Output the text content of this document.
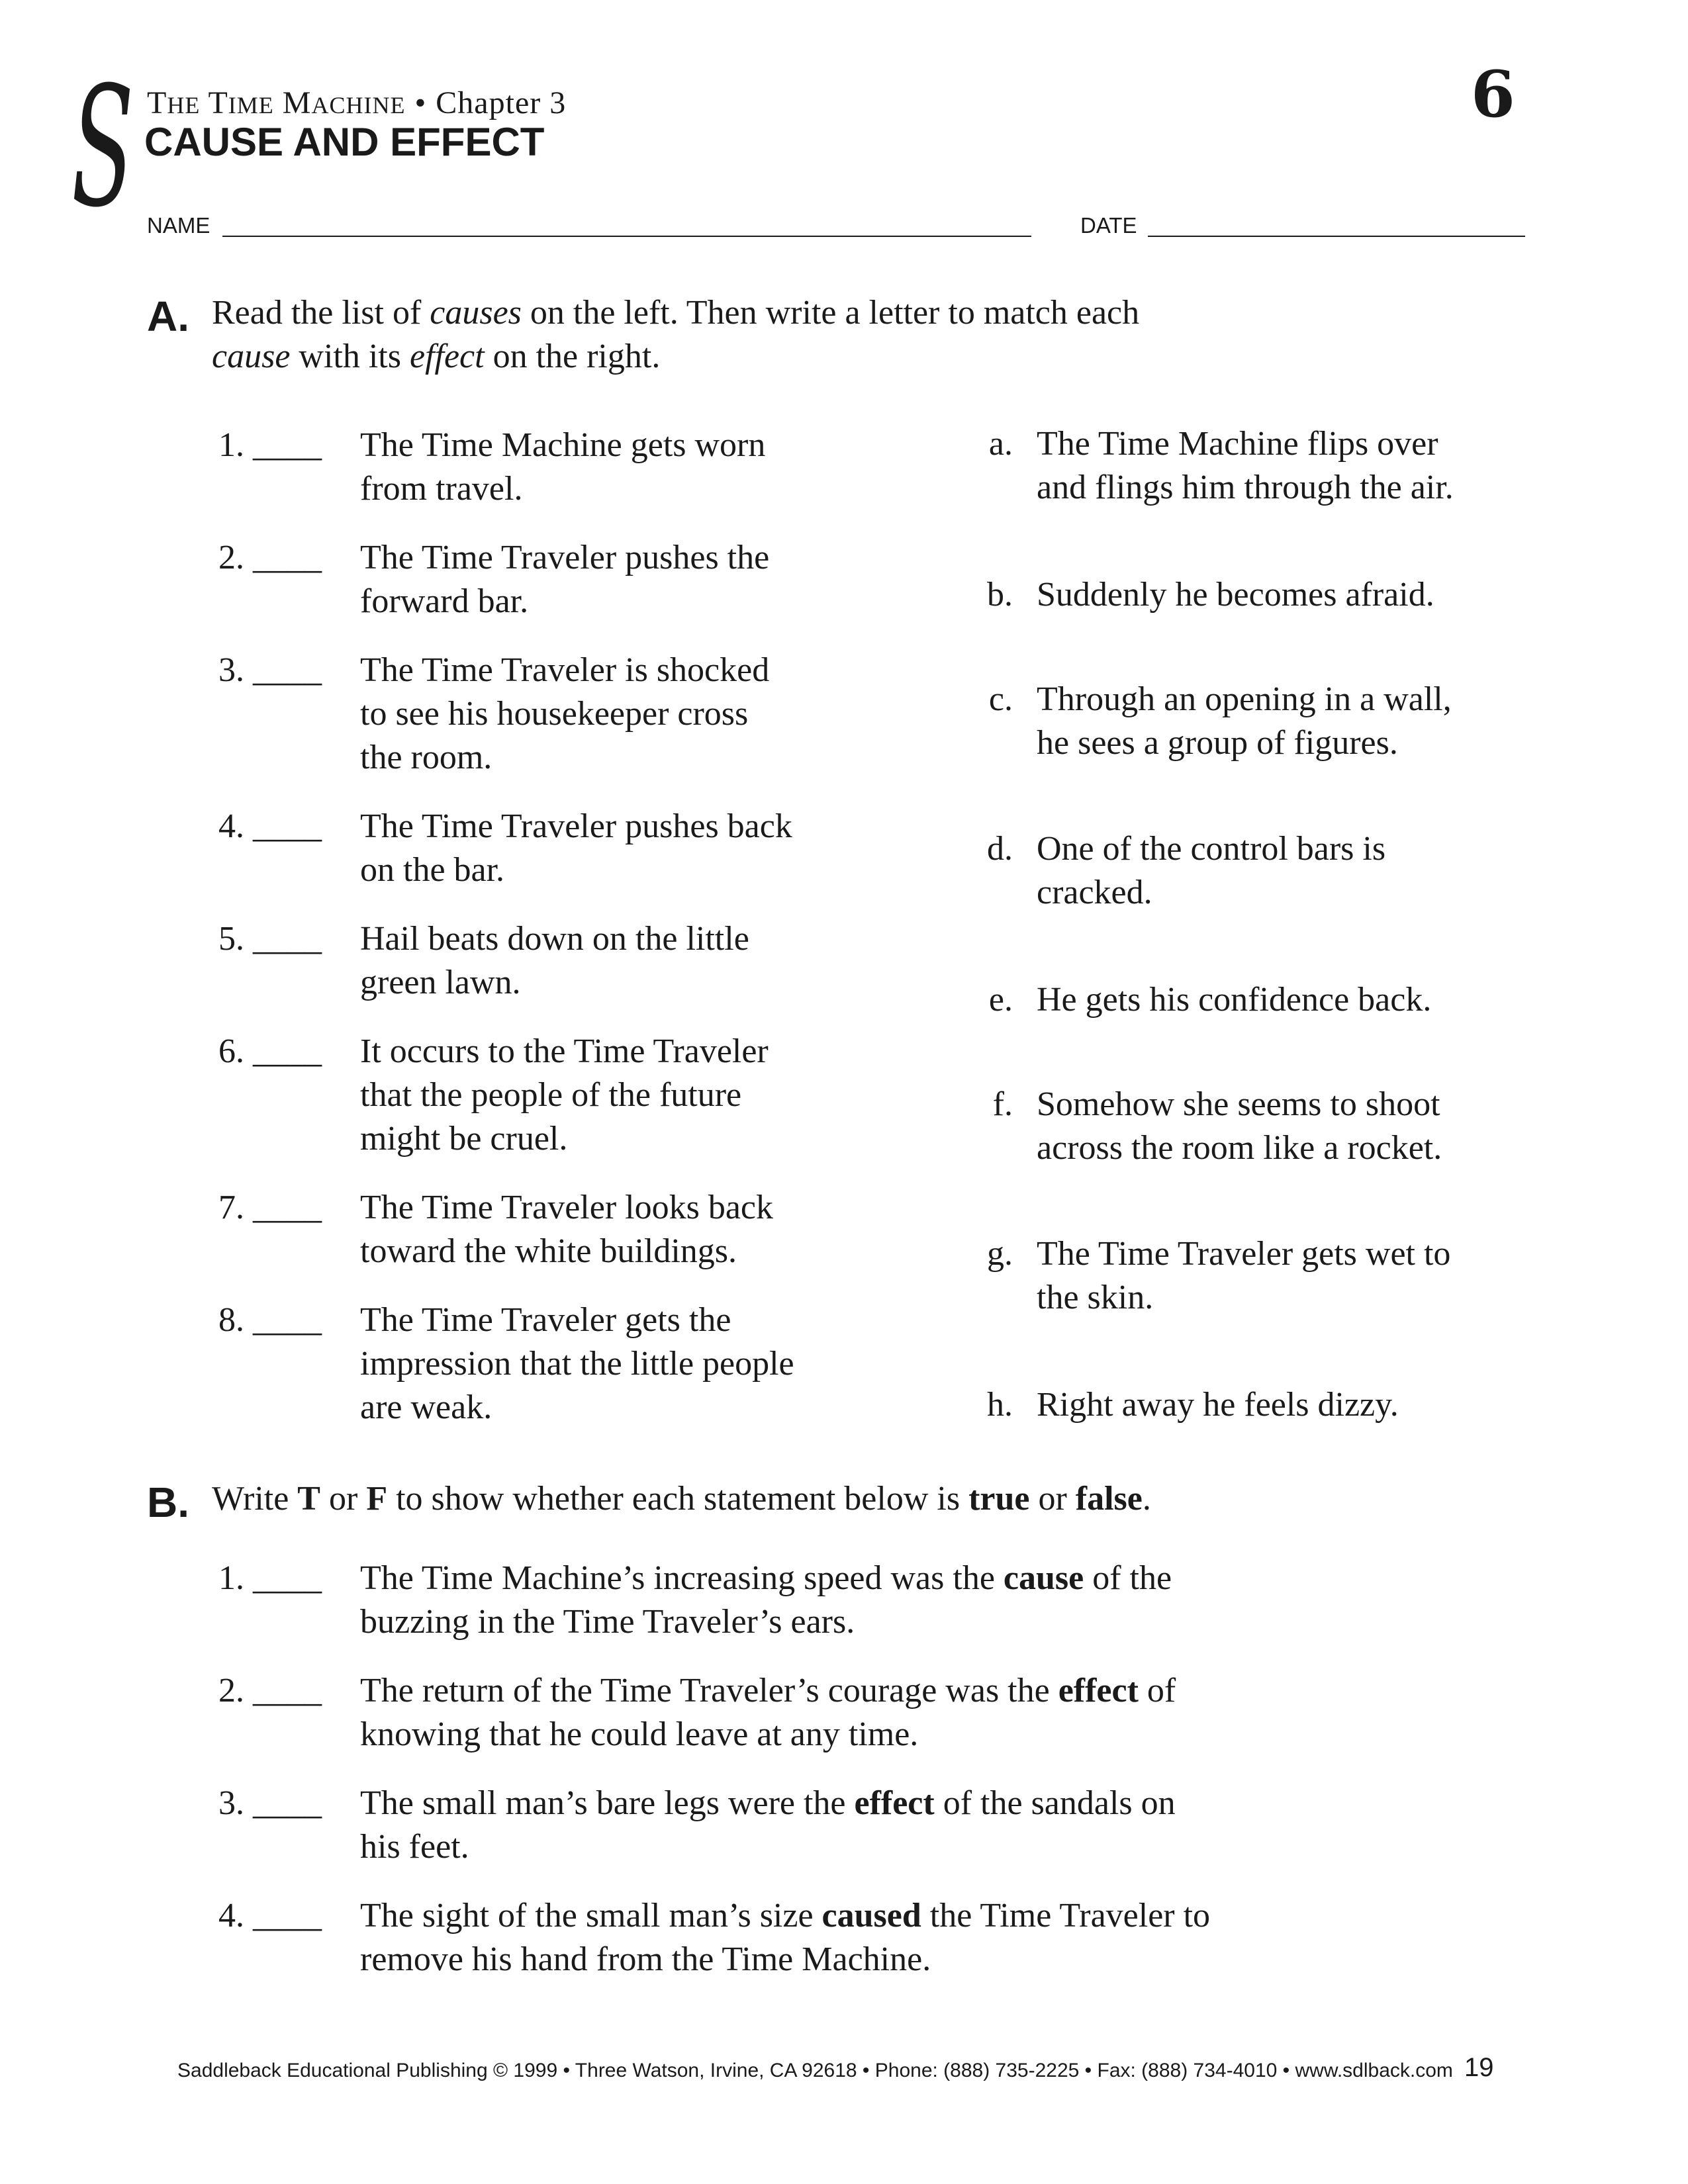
S THE TIME MACHINE • Chapter 3
CAUSE AND EFFECT
6
NAME	DATE
A. Read the list of causes on the left. Then write a letter to match each
cause with its effect on the right.
1. ____ The Time Machine gets worn
from travel.
2. ____ The Time Traveler pushes the
forward bar.
3. ____ The Time Traveler is shocked
to see his housekeeper cross
the room.
4. ____ The Time Traveler pushes back
on the bar.
5. ____ Hail beats down on the little
green lawn.
6. ____ It occurs to the Time Traveler
that the people of the future
might be cruel.
7. ____ The Time Traveler looks back
toward the white buildings.
8. ____ The Time Traveler gets the
impression that the little people
are weak.
a. The Time Machine flips over
and flings him through the air.
b. Suddenly he becomes afraid.
c. Through an opening in a wall,
he sees a group of figures.
d. One of the control bars is
cracked.
e. He gets his confidence back.
f. Somehow she seems to shoot
across the room like a rocket.
g. The Time Traveler gets wet to
the skin.
h. Right away he feels dizzy.
B. Write T or F to show whether each statement below is true or false.
1. ____ The Time Machine’s increasing speed was the cause of the
buzzing in the Time Traveler’s ears.
2. ____ The return of the Time Traveler’s courage was the effect of
knowing that he could leave at any time.
3. ____ The small man’s bare legs were the effect of the sandals on
his feet.
4. ____ The sight of the small man’s size caused the Time Traveler to
remove his hand from the Time Machine.
Saddleback Educational Publishing © 1999 • Three Watson, Irvine, CA 92618 • Phone: (888) 735-2225 • Fax: (888) 734-4010 • www.sdlback.com 19
